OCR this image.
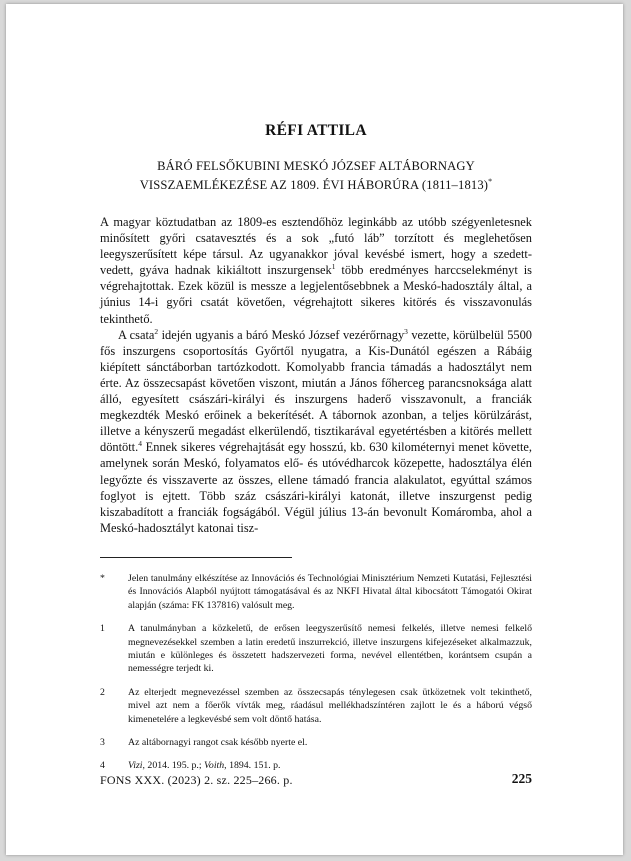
RÉFI ATTILA
BÁRÓ FELSŐKUBINI MESKÓ JÓZSEF ALTÁBORNAGY
VISSZAEMLÉKEZÉSE AZ 1809. ÉVI HÁBORÚRA (1811–1813)*

A magyar köztudatban az 1809-es esztendőhöz leginkább az utóbb szégyenletesnek minősített győri csatavesztés és a sok „futó láb” torzított és meglehetősen leegyszerűsített képe társul. Az ugyanakkor jóval kevésbé ismert, hogy a szedett-vedett, gyáva hadnak kikiáltott inszurgensek$^1$ több eredményes harccselekményt is végrehajtottak. Ezek közül is messze a legjelentősebbnek a Meskó-hadosztály által, a június 14-i győri csatát követően, végrehajtott sikeres kitörés és visszavonulás tekinthető.

A csata$^2$ idején ugyanis a báró Meskó József vezérőrnagy$^3$ vezette, körülbelül 5500 fős inszurgens csoportosítás Győrtől nyugatra, a Kis-Dunától egészen a Rábáig kiépített sánctáborban tartózkodott. Komolyabb francia támadás a hadosztályt nem érte. Az összecsapást követően viszont, miután a János főherceg parancsnoksága alatt álló, egyesített császári-királyi és inszurgens haderő visszavonult, a franciák megkezdték Meskó erőinek a bekerítését. A tábornok azonban, a teljes körülzárást, illetve a kényszerű megadást elkerülendő, tisztikarával egyetértésben a kitörés mellett döntött.$^4$ Ennek sikeres végrehajtását egy hosszú, kb. 630 kilométernyi menet követte, amelynek során Meskó, folyamatos elő- és utóvédharcok közepette, hadosztálya élén legyőzte és visszaverte az összes, ellene támadó francia alakulatot, egyúttal számos foglyot is ejtett. Több száz császári-királyi katonát, illetve inszurgenst pedig kiszabadított a franciák fogságából. Végül július 13-án bevonult Komáromba, ahol a Meskó-hadosztályt katonai tisz-

*	Jelen tanulmány elkészítése az Innovációs és Technológiai Minisztérium Nemzeti Kutatási, Fejlesztési és Innovációs Alapból nyújtott támogatásával és az NKFI Hivatal által kibocsátott Támogatói Okirat alapján (száma: FK 137816) valósult meg.
1	A tanulmányban a közkeletű, de erősen leegyszerűsítő nemesi felkelés, illetve nemesi felkelő megnevezésekkel szemben a latin eredetű inszurrekció, illetve inszurgens kifejezéseket alkalmazzuk, miután e különleges és összetett hadszervezeti forma, nevével ellentétben, korántsem csupán a nemességre terjedt ki.
2	Az elterjedt megnevezéssel szemben az összecsapás ténylegesen csak ütközetnek volt tekinthető, mivel azt nem a főerők vívták meg, ráadásul mellékhadszíntéren zajlott le és a háború végső kimenetelére a legkevésbé sem volt döntő hatása.
3	Az altábornagyi rangot csak később nyerte el.
4	Vizi, 2014. 195. p.; Voith, 1894. 151. p.
FONS XXX. (2023) 2. sz. 225–266. p.	225
